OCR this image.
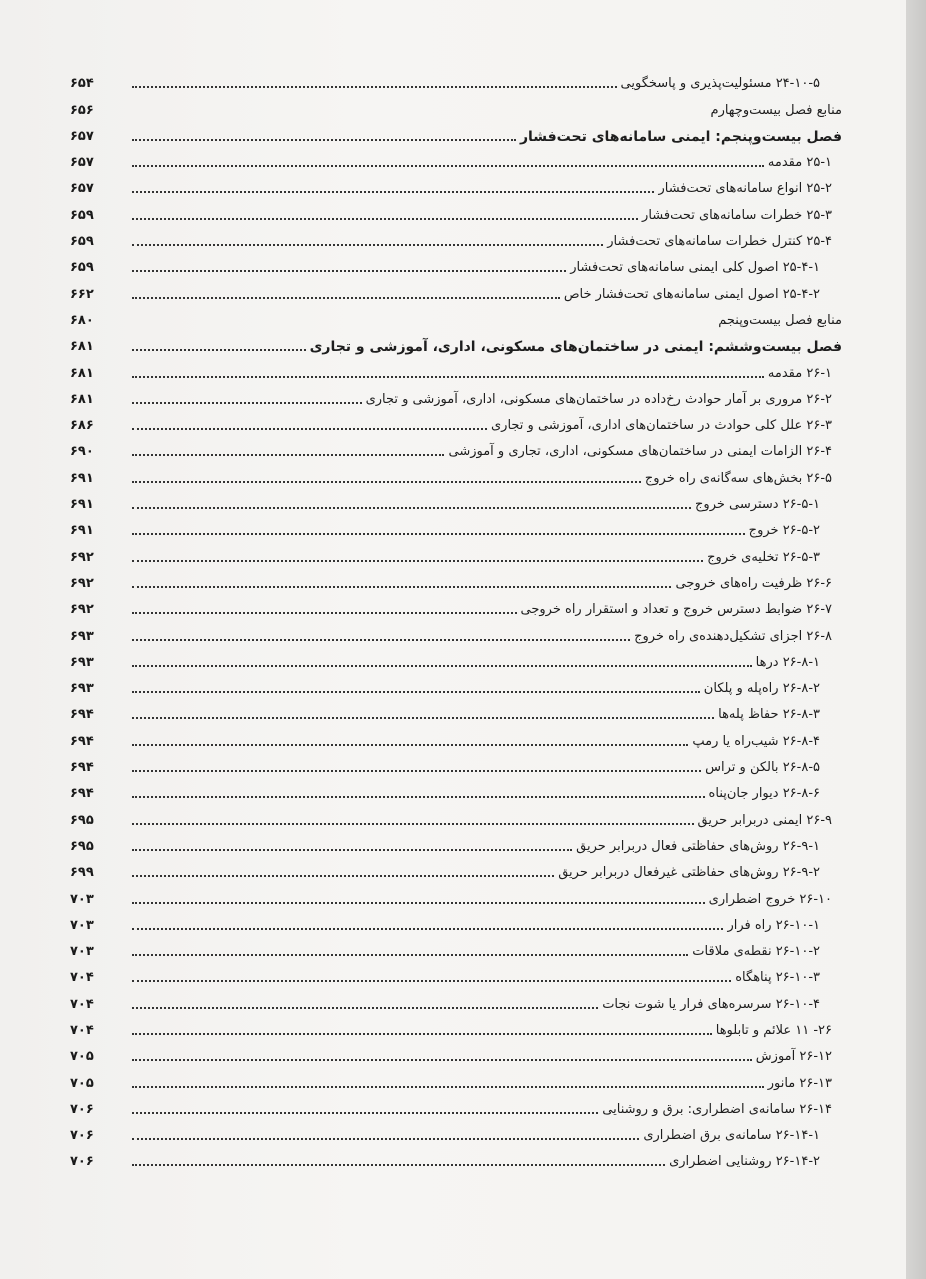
۲۴-۱۰-۵ مسئولیت‌پذیری و پاسخگویی
۶۵۴
منابع فصل بیست‌وچهارم
۶۵۶
فصل بیست‌وپنجم: ایمنی سامانه‌های تحت‌فشار
۶۵۷
۲۵-۱ مقدمه
۶۵۷
۲۵-۲ انواع سامانه‌های تحت‌فشار
۶۵۷
۲۵-۳ خطرات سامانه‌های تحت‌فشار
۶۵۹
۲۵-۴ کنترل خطرات سامانه‌های تحت‌فشار
۶۵۹
۲۵-۴-۱ اصول کلی ایمنی سامانه‌های تحت‌فشار
۶۵۹
۲۵-۴-۲ اصول ایمنی سامانه‌های تحت‌فشار خاص
۶۶۲
منابع فصل بیست‌وپنجم
۶۸۰
فصل بیست‌وششم: ایمنی در ساختمان‌های مسکونی، اداری، آموزشی و تجاری
۶۸۱
۲۶-۱ مقدمه
۶۸۱
۲۶-۲ مروری بر آمار حوادث رخ‌داده در ساختمان‌های مسکونی، اداری، آموزشی و تجاری
۶۸۱
۲۶-۳ علل کلی حوادث در ساختمان‌های اداری، آموزشی و تجاری
۶۸۶
۲۶-۴ الزامات ایمنی در ساختمان‌های مسکونی، اداری، تجاری و آموزشی
۶۹۰
۲۶-۵ بخش‌های سه‌گانه‌ی راه خروج
۶۹۱
۲۶-۵-۱ دسترسی خروج
۶۹۱
۲۶-۵-۲ خروج
۶۹۱
۲۶-۵-۳ تخلیه‌ی خروج
۶۹۲
۲۶-۶ ظرفیت راه‌های خروجی
۶۹۲
۲۶-۷ ضوابط دسترس خروج و تعداد و استقرار راه خروجی
۶۹۲
۲۶-۸ اجزای تشکیل‌دهنده‌ی راه خروج
۶۹۳
۲۶-۸-۱ درها
۶۹۳
۲۶-۸-۲ راه‌پله و پلکان
۶۹۳
۲۶-۸-۳ حفاظ پله‌ها
۶۹۴
۲۶-۸-۴ شیب‌راه یا رمپ
۶۹۴
۲۶-۸-۵ بالکن و تراس
۶۹۴
۲۶-۸-۶ دیوار جان‌پناه
۶۹۴
۲۶-۹ ایمنی دربرابر حریق
۶۹۵
۲۶-۹-۱ روش‌های حفاظتی فعال دربرابر حریق
۶۹۵
۲۶-۹-۲ روش‌های حفاظتی غیرفعال دربرابر حریق
۶۹۹
۲۶-۱۰ خروج اضطراری
۷۰۳
۲۶-۱۰-۱ راه فرار
۷۰۳
۲۶-۱۰-۲ نقطه‌ی ملاقات
۷۰۳
۲۶-۱۰-۳ پناهگاه
۷۰۴
۲۶-۱۰-۴ سرسره‌های فرار یا شوت نجات
۷۰۴
۲۶- ۱۱ علائم و تابلوها
۷۰۴
۲۶-۱۲ آموزش
۷۰۵
۲۶-۱۳ مانور
۷۰۵
۲۶-۱۴ سامانه‌ی اضطراری: برق و روشنایی
۷۰۶
۲۶-۱۴-۱ سامانه‌ی برق اضطراری
۷۰۶
۲۶-۱۴-۲ روشنایی اضطراری
۷۰۶
